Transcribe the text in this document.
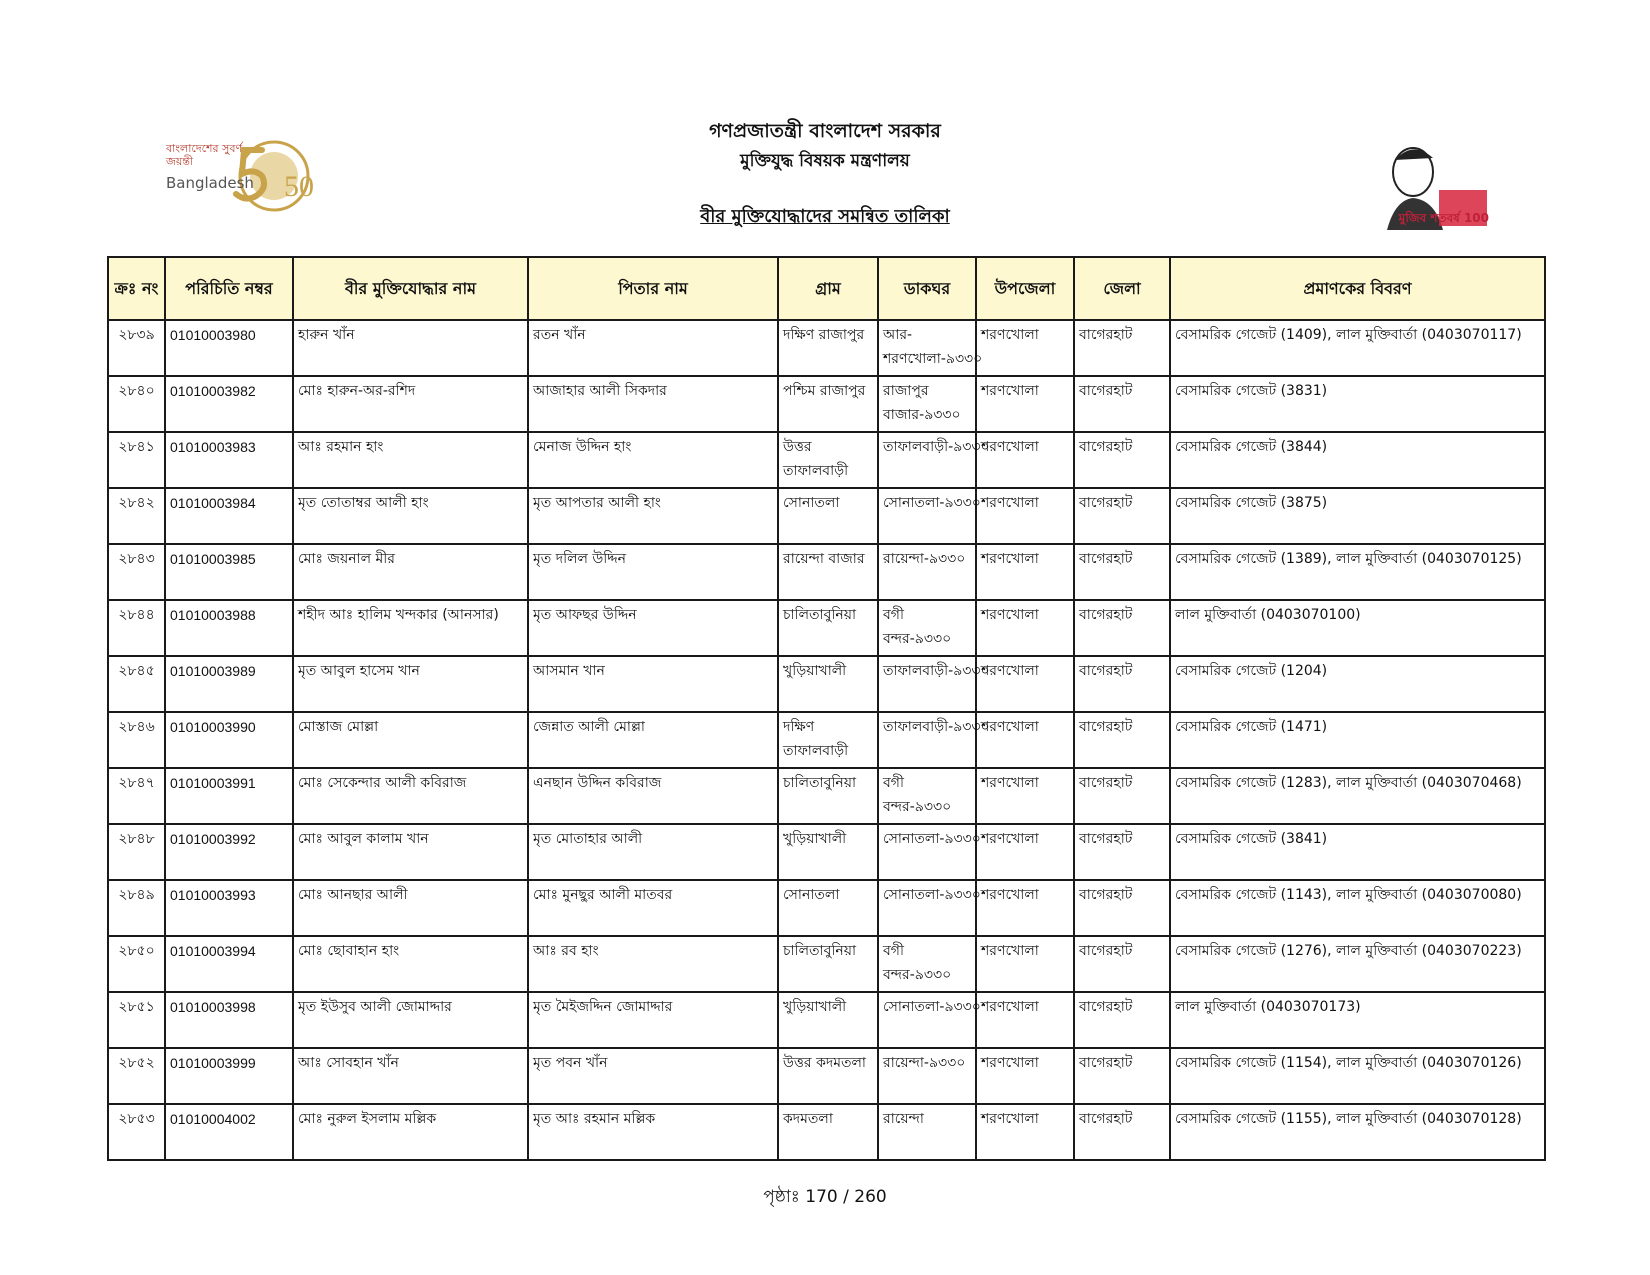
বাংলাদেশের সুবর্ণ জয়ন্তী
Bangladesh
গণপ্রজাতন্ত্রী বাংলাদেশ সরকার
মুক্তিযুদ্ধ বিষয়ক মন্ত্রণালয়
বীর মুক্তিযোদ্ধাদের সমন্বিত তালিকা	মুজিব শতবর্ষ 100
50
ক্রঃ নং	পরিচিতি নম্বর	বীর মুক্তিযোদ্ধার নাম	পিতার নাম	গ্রাম	ডাকঘর	উপজেলা	জেলা	প্রমাণকের বিবরণ
২৮৩৯	01010003980	হারুন খাঁন	রতন খাঁন	দক্ষিণ রাজাপুর	আর-শরণখোলা-৯৩৩০	শরণখোলা	বাগেরহাট	বেসামরিক গেজেট (1409), লাল মুক্তিবার্তা (0403070117)
২৮৪০	01010003982	মোঃ হারুন-অর-রশিদ	আজাহার আলী সিকদার	পশ্চিম রাজাপুর	রাজাপুর বাজার-৯৩৩০	শরণখোলা	বাগেরহাট	বেসামরিক গেজেট (3831)
২৮৪১	01010003983	আঃ রহমান হাং	মেনাজ উদ্দিন হাং	উত্তর তাফালবাড়ী	তাফালবাড়ী-৯৩৩০	শরণখোলা	বাগেরহাট	বেসামরিক গেজেট (3844)
২৮৪২	01010003984	মৃত তোতাম্বর আলী হাং	মৃত আপতার আলী হাং	সোনাতলা	সোনাতলা-৯৩৩০	শরণখোলা	বাগেরহাট	বেসামরিক গেজেট (3875)
২৮৪৩	01010003985	মোঃ জয়নাল মীর	মৃত দলিল উদ্দিন	রায়েন্দা বাজার	রায়েন্দা-৯৩৩০	শরণখোলা	বাগেরহাট	বেসামরিক গেজেট (1389), লাল মুক্তিবার্তা (0403070125)
২৮৪৪	01010003988	শহীদ আঃ হালিম খন্দকার (আনসার)	মৃত আফছর উদ্দিন	চালিতাবুনিয়া	বগী বন্দর-৯৩৩০	শরণখোলা	বাগেরহাট	লাল মুক্তিবার্তা (0403070100)
২৮৪৫	01010003989	মৃত আবুল হাসেম খান	আসমান খান	খুড়িয়াখালী	তাফালবাড়ী-৯৩৩০	শরণখোলা	বাগেরহাট	বেসামরিক গেজেট (1204)
২৮৪৬	01010003990	মোস্তাজ মোল্লা	জেন্নাত আলী মোল্লা	দক্ষিণ তাফালবাড়ী	তাফালবাড়ী-৯৩৩০	শরণখোলা	বাগেরহাট	বেসামরিক গেজেট (1471)
২৮৪৭	01010003991	মোঃ সেকেন্দার আলী কবিরাজ	এনছান উদ্দিন কবিরাজ	চালিতাবুনিয়া	বগী বন্দর-৯৩৩০	শরণখোলা	বাগেরহাট	বেসামরিক গেজেট (1283), লাল মুক্তিবার্তা (0403070468)
২৮৪৮	01010003992	মোঃ আবুল কালাম খান	মৃত মোতাহার আলী	খুড়িয়াখালী	সোনাতলা-৯৩৩০	শরণখোলা	বাগেরহাট	বেসামরিক গেজেট (3841)
২৮৪৯	01010003993	মোঃ আনছার আলী	মোঃ মুনছুর আলী মাতবর	সোনাতলা	সোনাতলা-৯৩৩০	শরণখোলা	বাগেরহাট	বেসামরিক গেজেট (1143), লাল মুক্তিবার্তা (0403070080)
২৮৫০	01010003994	মোঃ ছোবাহান হাং	আঃ রব হাং	চালিতাবুনিয়া	বগী বন্দর-৯৩৩০	শরণখোলা	বাগেরহাট	বেসামরিক গেজেট (1276), লাল মুক্তিবার্তা (0403070223)
২৮৫১	01010003998	মৃত ইউসুব আলী জোমাদ্দার	মৃত মৈইজদ্দিন জোমাদ্দার	খুড়িয়াখালী	সোনাতলা-৯৩৩০	শরণখোলা	বাগেরহাট	লাল মুক্তিবার্তা (0403070173)
২৮৫২	01010003999	আঃ সোবহান খাঁন	মৃত পবন খাঁন	উত্তর কদমতলা	রায়েন্দা-৯৩৩০	শরণখোলা	বাগেরহাট	বেসামরিক গেজেট (1154), লাল মুক্তিবার্তা (0403070126)
২৮৫৩	01010004002	মোঃ নুরুল ইসলাম মল্লিক	মৃত আঃ রহমান মল্লিক	কদমতলা	রায়েন্দা	শরণখোলা	বাগেরহাট	বেসামরিক গেজেট (1155), লাল মুক্তিবার্তা (0403070128)
পৃষ্ঠাঃ 170 / 260
